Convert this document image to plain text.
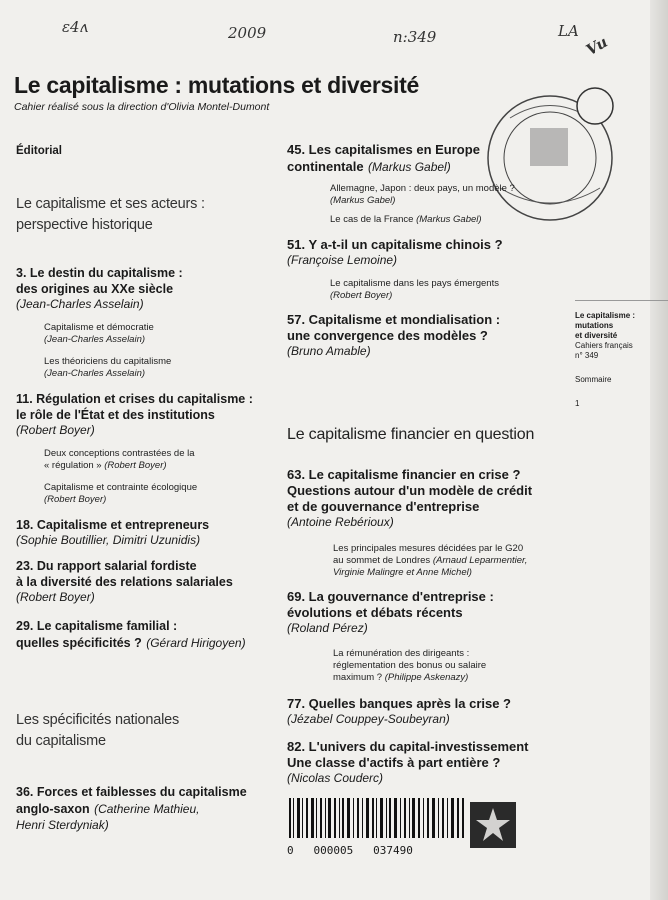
ɛ4ʌ	2009	n:349	LA
Vu
Le capitalisme : mutations et diversité
Cahier réalisé sous la direction d'Olivia Montel-Dumont
Éditorial
Le capitalisme et ses acteurs :
perspective historique
3. Le destin du capitalisme :
des origines au XXe siècle
(Jean-Charles Asselain)
Capitalisme et démocratie
(Jean-Charles Asselain)
Les théoriciens du capitalisme
(Jean-Charles Asselain)
11. Régulation et crises du capitalisme :
le rôle de l'État et des institutions
(Robert Boyer)
Deux conceptions contrastées de la
« régulation » (Robert Boyer)
Capitalisme et contrainte écologique
(Robert Boyer)
18. Capitalisme et entrepreneurs
(Sophie Boutillier, Dimitri Uzunidis)
23. Du rapport salarial fordiste
à la diversité des relations salariales
(Robert Boyer)
29. Le capitalisme familial :
quelles spécificités ? (Gérard Hirigoyen)
Les spécificités nationales
du capitalisme
36. Forces et faiblesses du capitalisme
anglo-saxon (Catherine Mathieu,
Henri Sterdyniak)
45. Les capitalismes en Europe
continentale (Markus Gabel)
Allemagne, Japon : deux pays, un modèle ?
(Markus Gabel)
Le cas de la France (Markus Gabel)
51. Y a-t-il un capitalisme chinois ?
(Françoise Lemoine)
Le capitalisme dans les pays émergents
(Robert Boyer)
57. Capitalisme et mondialisation :
une convergence des modèles ?
(Bruno Amable)
Le capitalisme financier en question
63. Le capitalisme financier en crise ?
Questions autour d'un modèle de crédit
et de gouvernance d'entreprise
(Antoine Rebérioux)
Les principales mesures décidées par le G20
au sommet de Londres (Arnaud Leparmentier,
Virginie Malingre et Anne Michel)
69. La gouvernance d'entreprise :
évolutions et débats récents
(Roland Pérez)
La rémunération des dirigeants :
réglementation des bonus ou salaire
maximum ? (Philippe Askenazy)
77. Quelles banques après la crise ?
(Jézabel Couppey-Soubeyran)
82. L'univers du capital-investissement
Une classe d'actifs à part entière ?
(Nicolas Couderc)
0   000005   037490
Le capitalisme :
mutations
et diversité
Cahiers français
n° 349
Sommaire
1
